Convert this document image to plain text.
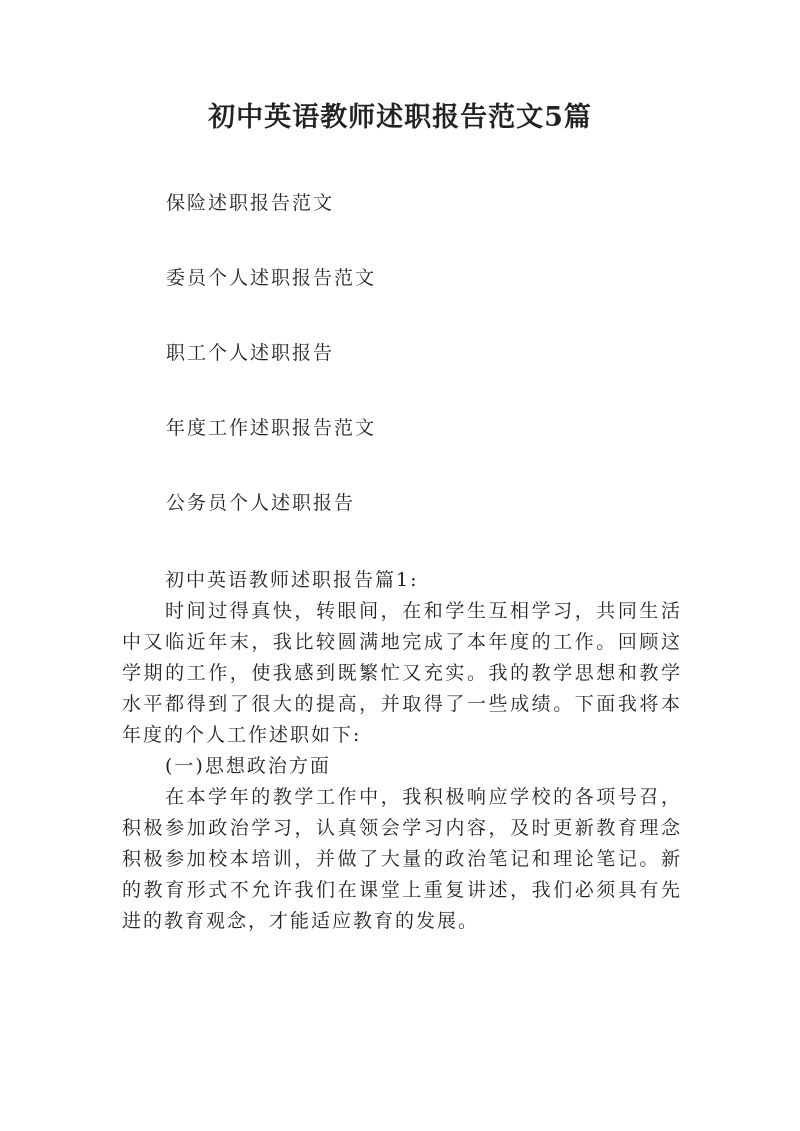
初中英语教师述职报告范文5篇

保险述职报告范文

委员个人述职报告范文

职工个人述职报告

年度工作述职报告范文

公务员个人述职报告

初中英语教师述职报告篇1:

时间过得真快，转眼间，在和学生互相学习，共同生活中又临近年末，我比较圆满地完成了本年度的工作。回顾这学期的工作，使我感到既繁忙又充实。我的教学思想和教学水平都得到了很大的提高，并取得了一些成绩。下面我将本年度的个人工作述职如下:

(一)思想政治方面

在本学年的教学工作中，我积极响应学校的各项号召，积极参加政治学习，认真领会学习内容，及时更新教育理念积极参加校本培训，并做了大量的政治笔记和理论笔记。新的教育形式不允许我们在课堂上重复讲述，我们必须具有先进的教育观念，才能适应教育的发展。
